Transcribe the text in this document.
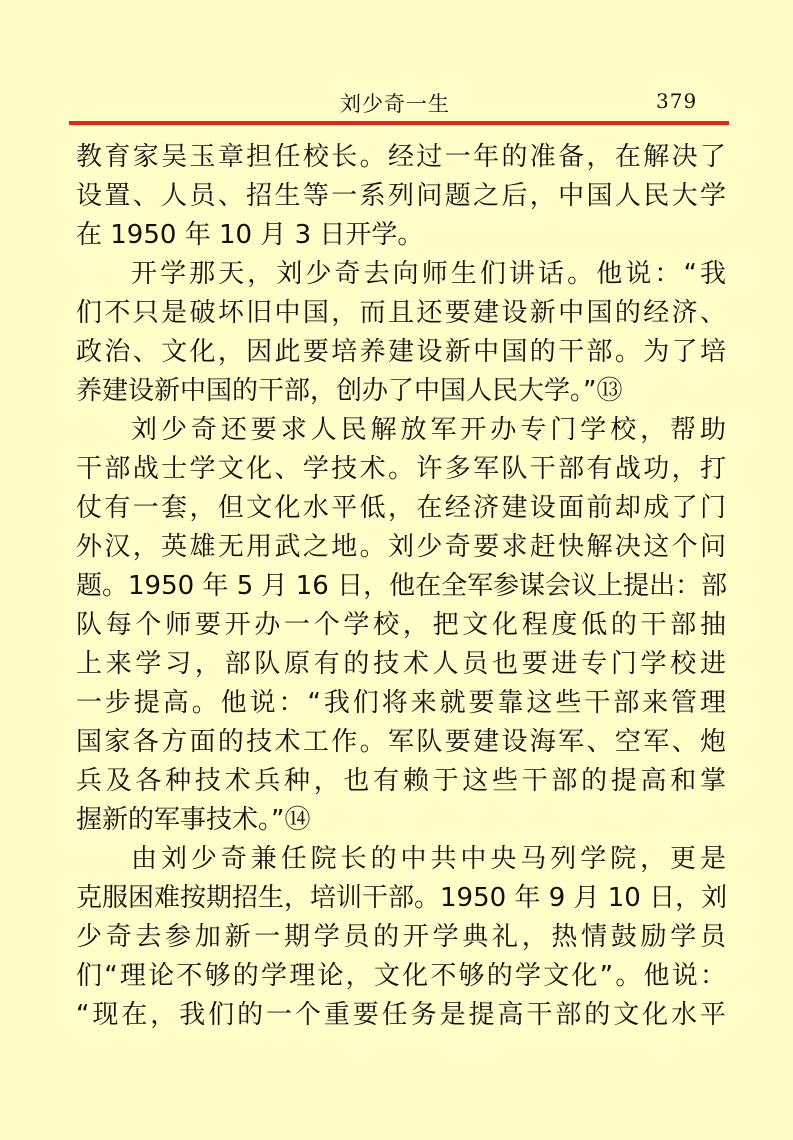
刘少奇一生	379
教育家吴玉章担任校长。经过一年的准备，在解决了
设置、人员、招生等一系列问题之后，中国人民大学
在 1950 年 10 月 3 日开学。
开学那天，刘少奇去向师生们讲话。他说：“我
们不只是破坏旧中国，而且还要建设新中国的经济、
政治、文化，因此要培养建设新中国的干部。为了培
养建设新中国的干部，创办了中国人民大学。”⑬
刘少奇还要求人民解放军开办专门学校，帮助
干部战士学文化、学技术。许多军队干部有战功，打
仗有一套，但文化水平低，在经济建设面前却成了门
外汉，英雄无用武之地。刘少奇要求赶快解决这个问
题。1950 年 5 月 16 日，他在全军参谋会议上提出：部
队每个师要开办一个学校，把文化程度低的干部抽
上来学习，部队原有的技术人员也要进专门学校进
一步提高。他说：“我们将来就要靠这些干部来管理
国家各方面的技术工作。军队要建设海军、空军、炮
兵及各种技术兵种，也有赖于这些干部的提高和掌
握新的军事技术。”⑭
由刘少奇兼任院长的中共中央马列学院，更是
克服困难按期招生，培训干部。1950 年 9 月 10 日，刘
少奇去参加新一期学员的开学典礼，热情鼓励学员
们“理论不够的学理论，文化不够的学文化”。他说：
“现在，我们的一个重要任务是提高干部的文化水平
